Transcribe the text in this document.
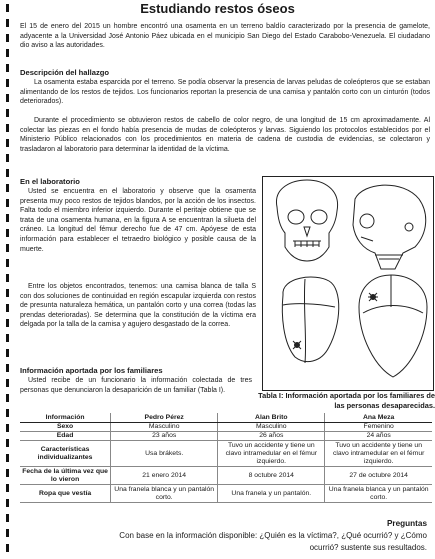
Estudiando restos óseos

El 15 de enero del 2015 un hombre encontró una osamenta en un terreno baldío caracterizado por la presencia de gamelote, adyacente a la Universidad José Antonio Páez ubicada en el municipio San Diego del Estado Carabobo-Venezuela. El ciudadano dio aviso a las autoridades.

Descripción del hallazgo

La osamenta estaba esparcida por el terreno. Se podía observar la presencia de larvas peludas de coleópteros que se estaban alimentando de los restos de tejidos. Los funcionarios reportan la presencia de una camisa y pantalón corto con un cinturón (todos deteriorados).

Durante el procedimiento se obtuvieron restos de cabello de color negro, de una longitud de 15 cm aproximadamente. Al colectar las piezas en el fondo había presencia de mudas de coleópteros y larvas. Siguiendo los protocolos establecidos por el Ministerio Público relacionados con los procedimientos en materia de cadena de custodia de evidencias, se colectaron y trasladaron al laboratorio para determinar la identidad de la víctima.

En el laboratorio

Usted se encuentra en el laboratorio y observe que la osamenta presenta muy poco restos de tejidos blandos, por la acción de los insectos. Falta todo el miembro inferior izquierdo. Durante el peritaje obtiene que se trata de una osamenta humana, en la figura A se encuentran la silueta del cráneo. La longitud del fémur derecho fue de 47 cm. Apóyese de esta información para establecer el tetraedro biológico y posible causa de la muerte.

Entre los objetos encontrados, tenemos: una camisa blanca de talla S con dos soluciones de continuidad en región escapular izquierda con restos de presunta naturaleza hemática, un pantalón corto y una correa (todas las prendas deterioradas). Se determina que la constitución de la víctima era delgada por la talla de la camisa y agujero desgastado de la correa.

Información aportada por los familiares

Usted recibe de un funcionario la información colectada de tres personas que denunciaron la desaparición de un familiar (Tabla I).

Tabla I: Información aportada por los familiares de las personas desaparecidas.
Información	Pedro Pérez	Alan Brito	Ana Meza
Sexo	Masculino	Masculino	Femenino
Edad	23 años	26 años	24 años
Características individualizantes	Usa brákets.	Tuvo un accidente y tiene un clavo intramedular en el fémur izquierdo.	Tuvo un accidente y tiene un clavo intramedular en el fémur izquierdo.
Fecha de la última vez que lo vieron	21 enero 2014	8 octubre 2014	27 de octubre 2014
Ropa que vestía	Una franela blanca y un pantalón corto.	Una franela y un pantalón.	Una franela blanca y un pantalón corto.
Preguntas
Con base en la información disponible: ¿Quién es la víctima?, ¿Qué ocurrió? y ¿Cómo ocurrió? sustente sus resultados.
